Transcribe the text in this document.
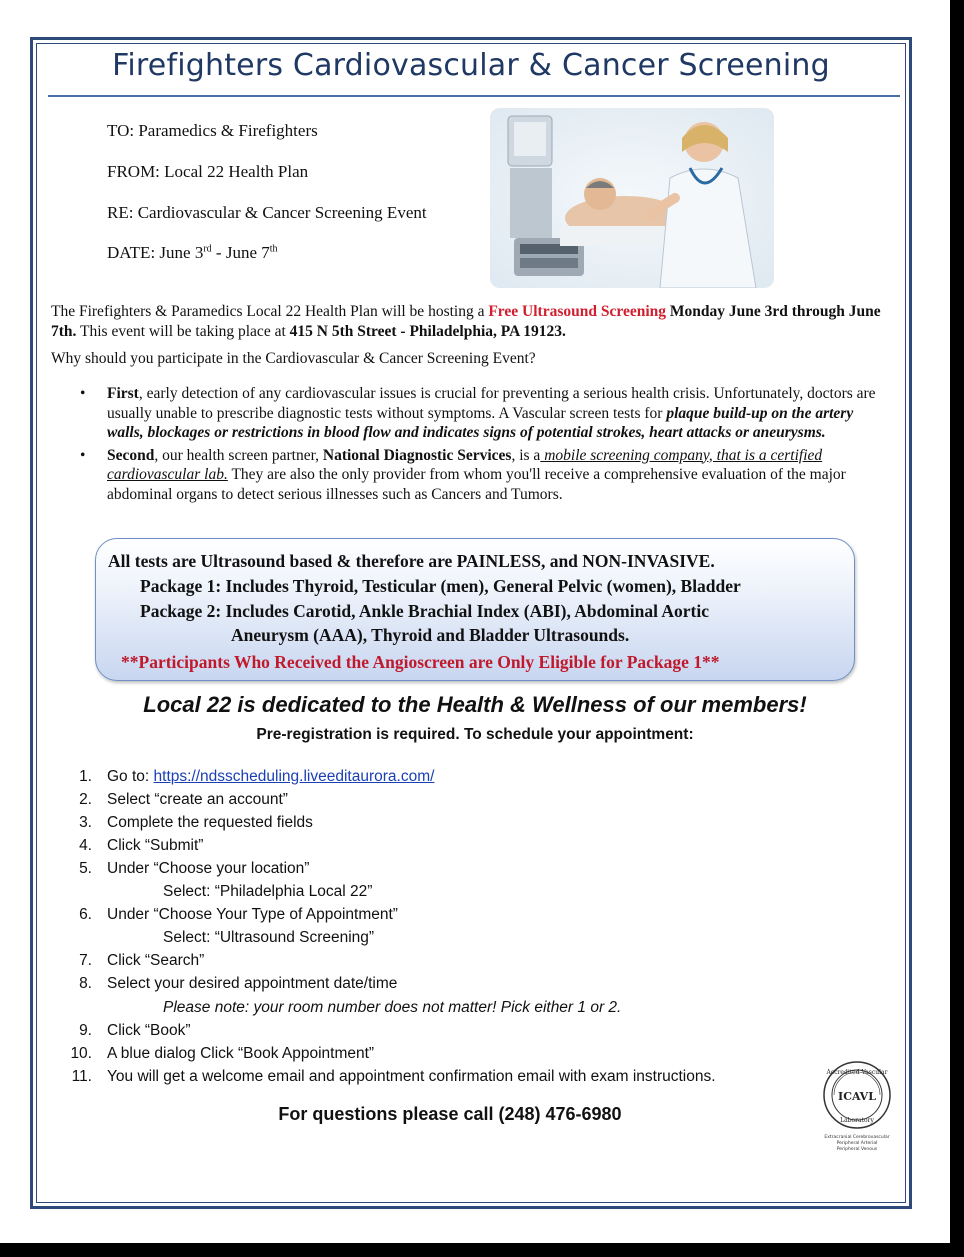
Firefighters Cardiovascular & Cancer Screening
TO: Paramedics & Firefighters
FROM: Local 22 Health Plan
RE: Cardiovascular & Cancer Screening Event
DATE: June 3rd - June 7th
The Firefighters & Paramedics Local 22 Health Plan will be hosting a Free Ultrasound Screening Monday June 3rd through June 7th. This event will be taking place at 415 N 5th Street - Philadelphia, PA 19123.
Why should you participate in the Cardiovascular & Cancer Screening Event?
• First, early detection of any cardiovascular issues is crucial for preventing a serious health crisis. Unfortunately, doctors are usually unable to prescribe diagnostic tests without symptoms. A Vascular screen tests for plaque build-up on the artery walls, blockages or restrictions in blood flow and indicates signs of potential strokes, heart attacks or aneurysms.
• Second, our health screen partner, National Diagnostic Services, is a mobile screening company, that is a certified cardiovascular lab. They are also the only provider from whom you'll receive a comprehensive evaluation of the major abdominal organs to detect serious illnesses such as Cancers and Tumors.
All tests are Ultrasound based & therefore are PAINLESS, and NON-INVASIVE.
Package 1: Includes Thyroid, Testicular (men), General Pelvic (women), Bladder
Package 2: Includes Carotid, Ankle Brachial Index (ABI), Abdominal Aortic
Aneurysm (AAA), Thyroid and Bladder Ultrasounds.
**Participants Who Received the Angioscreen are Only Eligible for Package 1**
Local 22 is dedicated to the Health & Wellness of our members!
Pre-registration is required. To schedule your appointment:
1. Go to: https://ndsscheduling.liveeditaurora.com/
2. Select “create an account”
3. Complete the requested fields
4. Click “Submit”
5. Under “Choose your location”
Select: “Philadelphia Local 22”
6. Under “Choose Your Type of Appointment”
Select: “Ultrasound Screening”
7. Click “Search”
8. Select your desired appointment date/time
Please note: your room number does not matter! Pick either 1 or 2.
9. Click “Book”
10. A blue dialog Click “Book Appointment”
11. You will get a welcome email and appointment confirmation email with exam instructions.
For questions please call (248) 476-6980
ICAVL
Accredited Vascular
Laboratory
Extracranial Cerebrovascular
Peripheral Arterial
Peripheral Venous
